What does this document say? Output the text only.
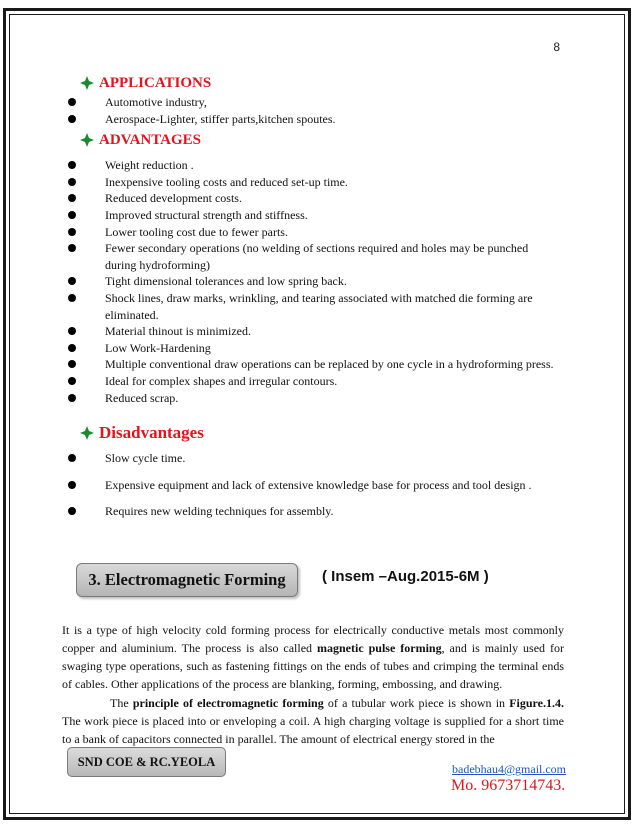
8
APPLICATIONS
Automotive industry,
Aerospace-Lighter, stiffer parts,kitchen spoutes.
ADVANTAGES
Weight reduction .
Inexpensive tooling costs and reduced set-up time.
Reduced development costs.
Improved structural strength and stiffness.
Lower tooling cost due to fewer parts.
Fewer secondary operations (no welding of sections required and holes may be punched during hydroforming)
Tight dimensional tolerances and low spring back.
Shock lines, draw marks, wrinkling, and tearing associated with matched die forming are eliminated.
Material thinout is minimized.
Low Work-Hardening
Multiple conventional draw operations can be replaced by one cycle in a hydroforming press.
Ideal for complex shapes and irregular contours.
Reduced scrap.
Disadvantages
Slow cycle time.
Expensive equipment and lack of extensive knowledge base for process and tool design .
Requires new welding techniques for assembly.
3. Electromagnetic Forming ( Insem –Aug.2015-6M )

It is a type of high velocity cold forming process for electrically conductive metals most commonly copper and aluminium. The process is also called magnetic pulse forming, and is mainly used for swaging type operations, such as fastening fittings on the ends of tubes and crimping the terminal ends of cables. Other applications of the process are blanking, forming, embossing, and drawing.

The principle of electromagnetic forming of a tubular work piece is shown in Figure.1.4. The work piece is placed into or enveloping a coil. A high charging voltage is supplied for a short time to a bank of capacitors connected in parallel. The amount of electrical energy stored in the

SND COE & RC.YEOLA
badebhau4@gmail.com
Mo. 9673714743.
